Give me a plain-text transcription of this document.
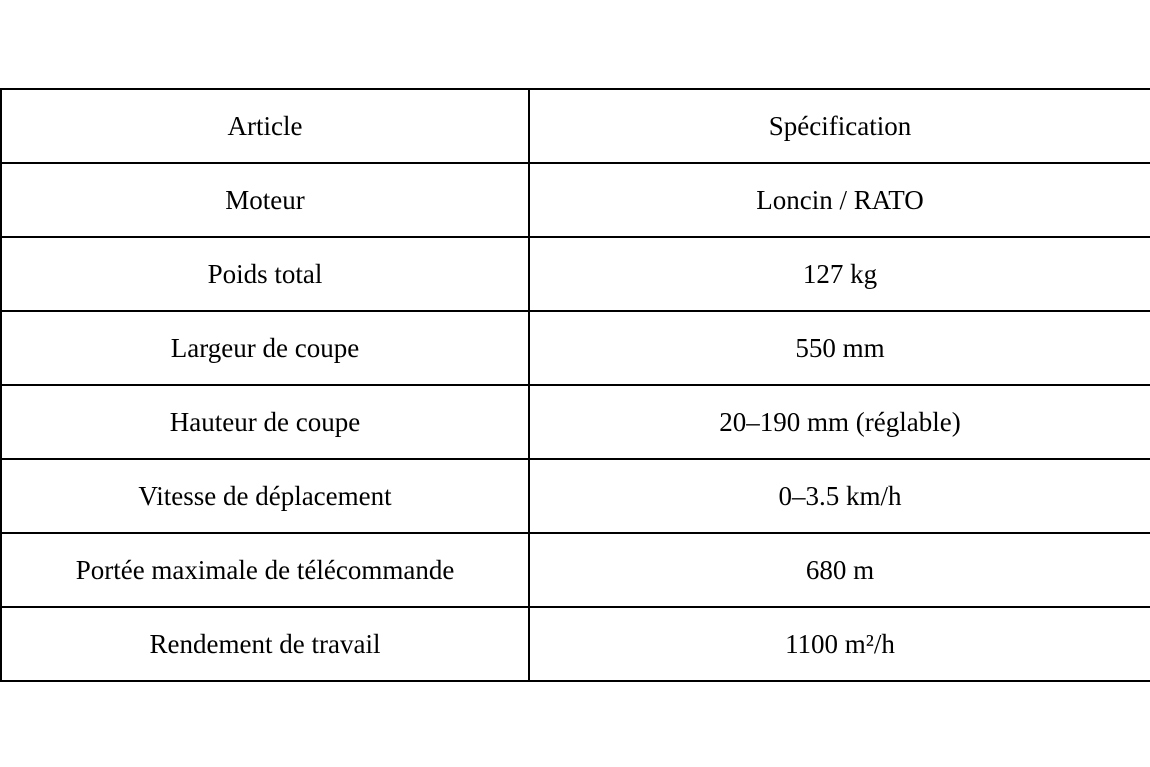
Article	Spécification
Moteur	Loncin / RATO
Poids total	127 kg
Largeur de coupe	550 mm
Hauteur de coupe	20–190 mm (réglable)
Vitesse de déplacement	0–3.5 km/h
Portée maximale de télécommande	680 m
Rendement de travail	1100 m²/h
